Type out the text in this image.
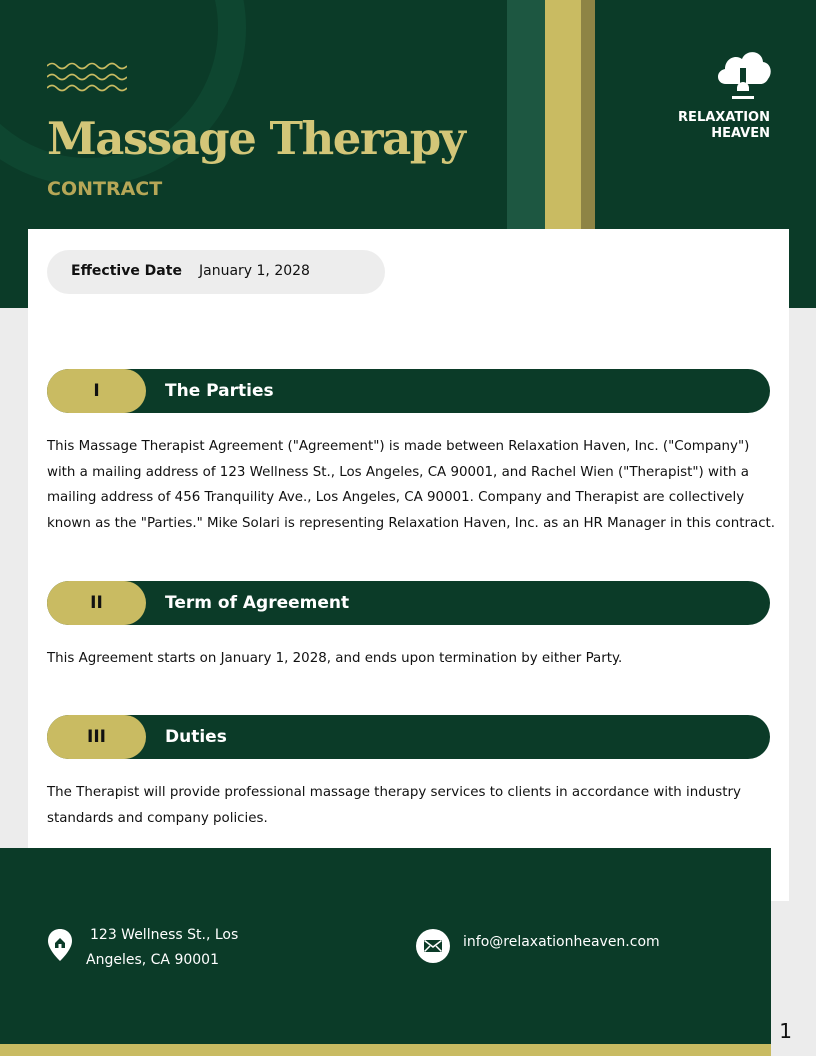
Massage Therapy
CONTRACT
RELAXATION
HEAVEN
Effective Date January 1, 2028
I	The Parties

This Massage Therapist Agreement ("Agreement") is made between Relaxation Haven, Inc. ("Company") with a mailing address of 123 Wellness St., Los Angeles, CA 90001, and Rachel Wien ("Therapist") with a mailing address of 456 Tranquility Ave., Los Angeles, CA 90001. Company and Therapist are collectively known as the "Parties." Mike Solari is representing Relaxation Haven, Inc. as an HR Manager in this contract.

II	Term of Agreement

This Agreement starts on January 1, 2028, and ends upon termination by either Party.

III	Duties

The Therapist will provide professional massage therapy services to clients in accordance with industry standards and company policies.

123 Wellness St., Los Angeles, CA 90001
info@relaxationheaven.com
1
